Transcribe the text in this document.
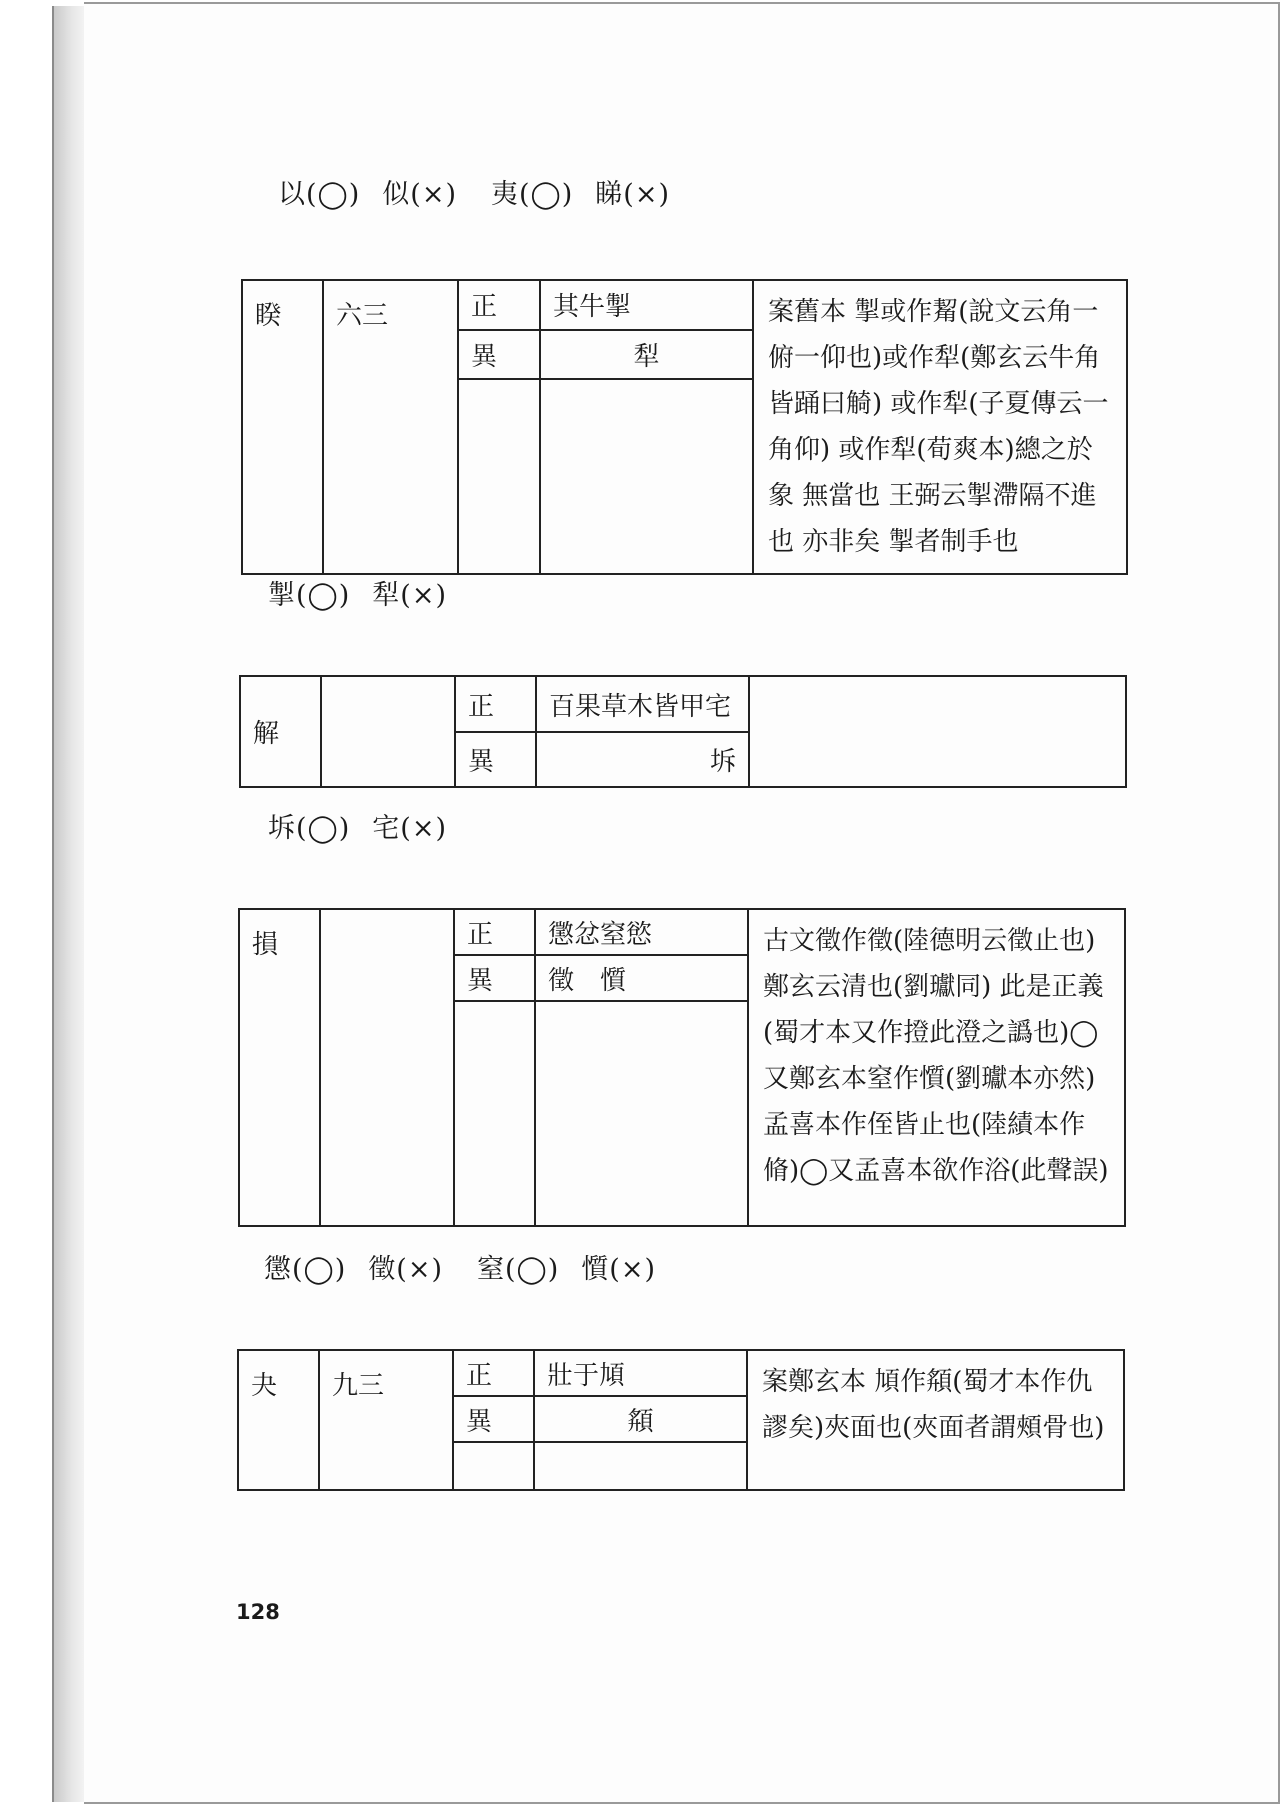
以(◯) 似(×) 夷(◯) 睇(×)
睽	六三	正	其牛掣	案舊本 掣或作觢(說文云角一俯一仰也)或作犁(鄭玄云牛角皆踊曰觭) 或作犁(子夏傳云一角仰) 或作犁(荀爽本)總之於象 無當也 王弼云掣滯隔不進也 亦非矣 掣者制手也
		異	犁	

掣(◯) 犁(×)
解		正	百果草木皆甲宅	
		異	坼	
坼(◯) 宅(×)
損		正	懲忿窒慾	古文徵作徵(陸德明云徵止也)鄭玄云清也(劉瓛同) 此是正義(蜀才本又作撜此澄之譌也)◯又鄭玄本窒作懫(劉瓛本亦然)孟喜本作侄皆止也(陸績本作脩)◯又孟喜本欲作浴(此聲誤)
		異	徵　懫	

懲(◯) 徵(×) 窒(◯) 懫(×)
夬	九三	正	壯于頄	案鄭玄本 頄作頯(蜀才本作仇謬矣)夾面也(夾面者謂頰骨也)
		異	頯	

128
